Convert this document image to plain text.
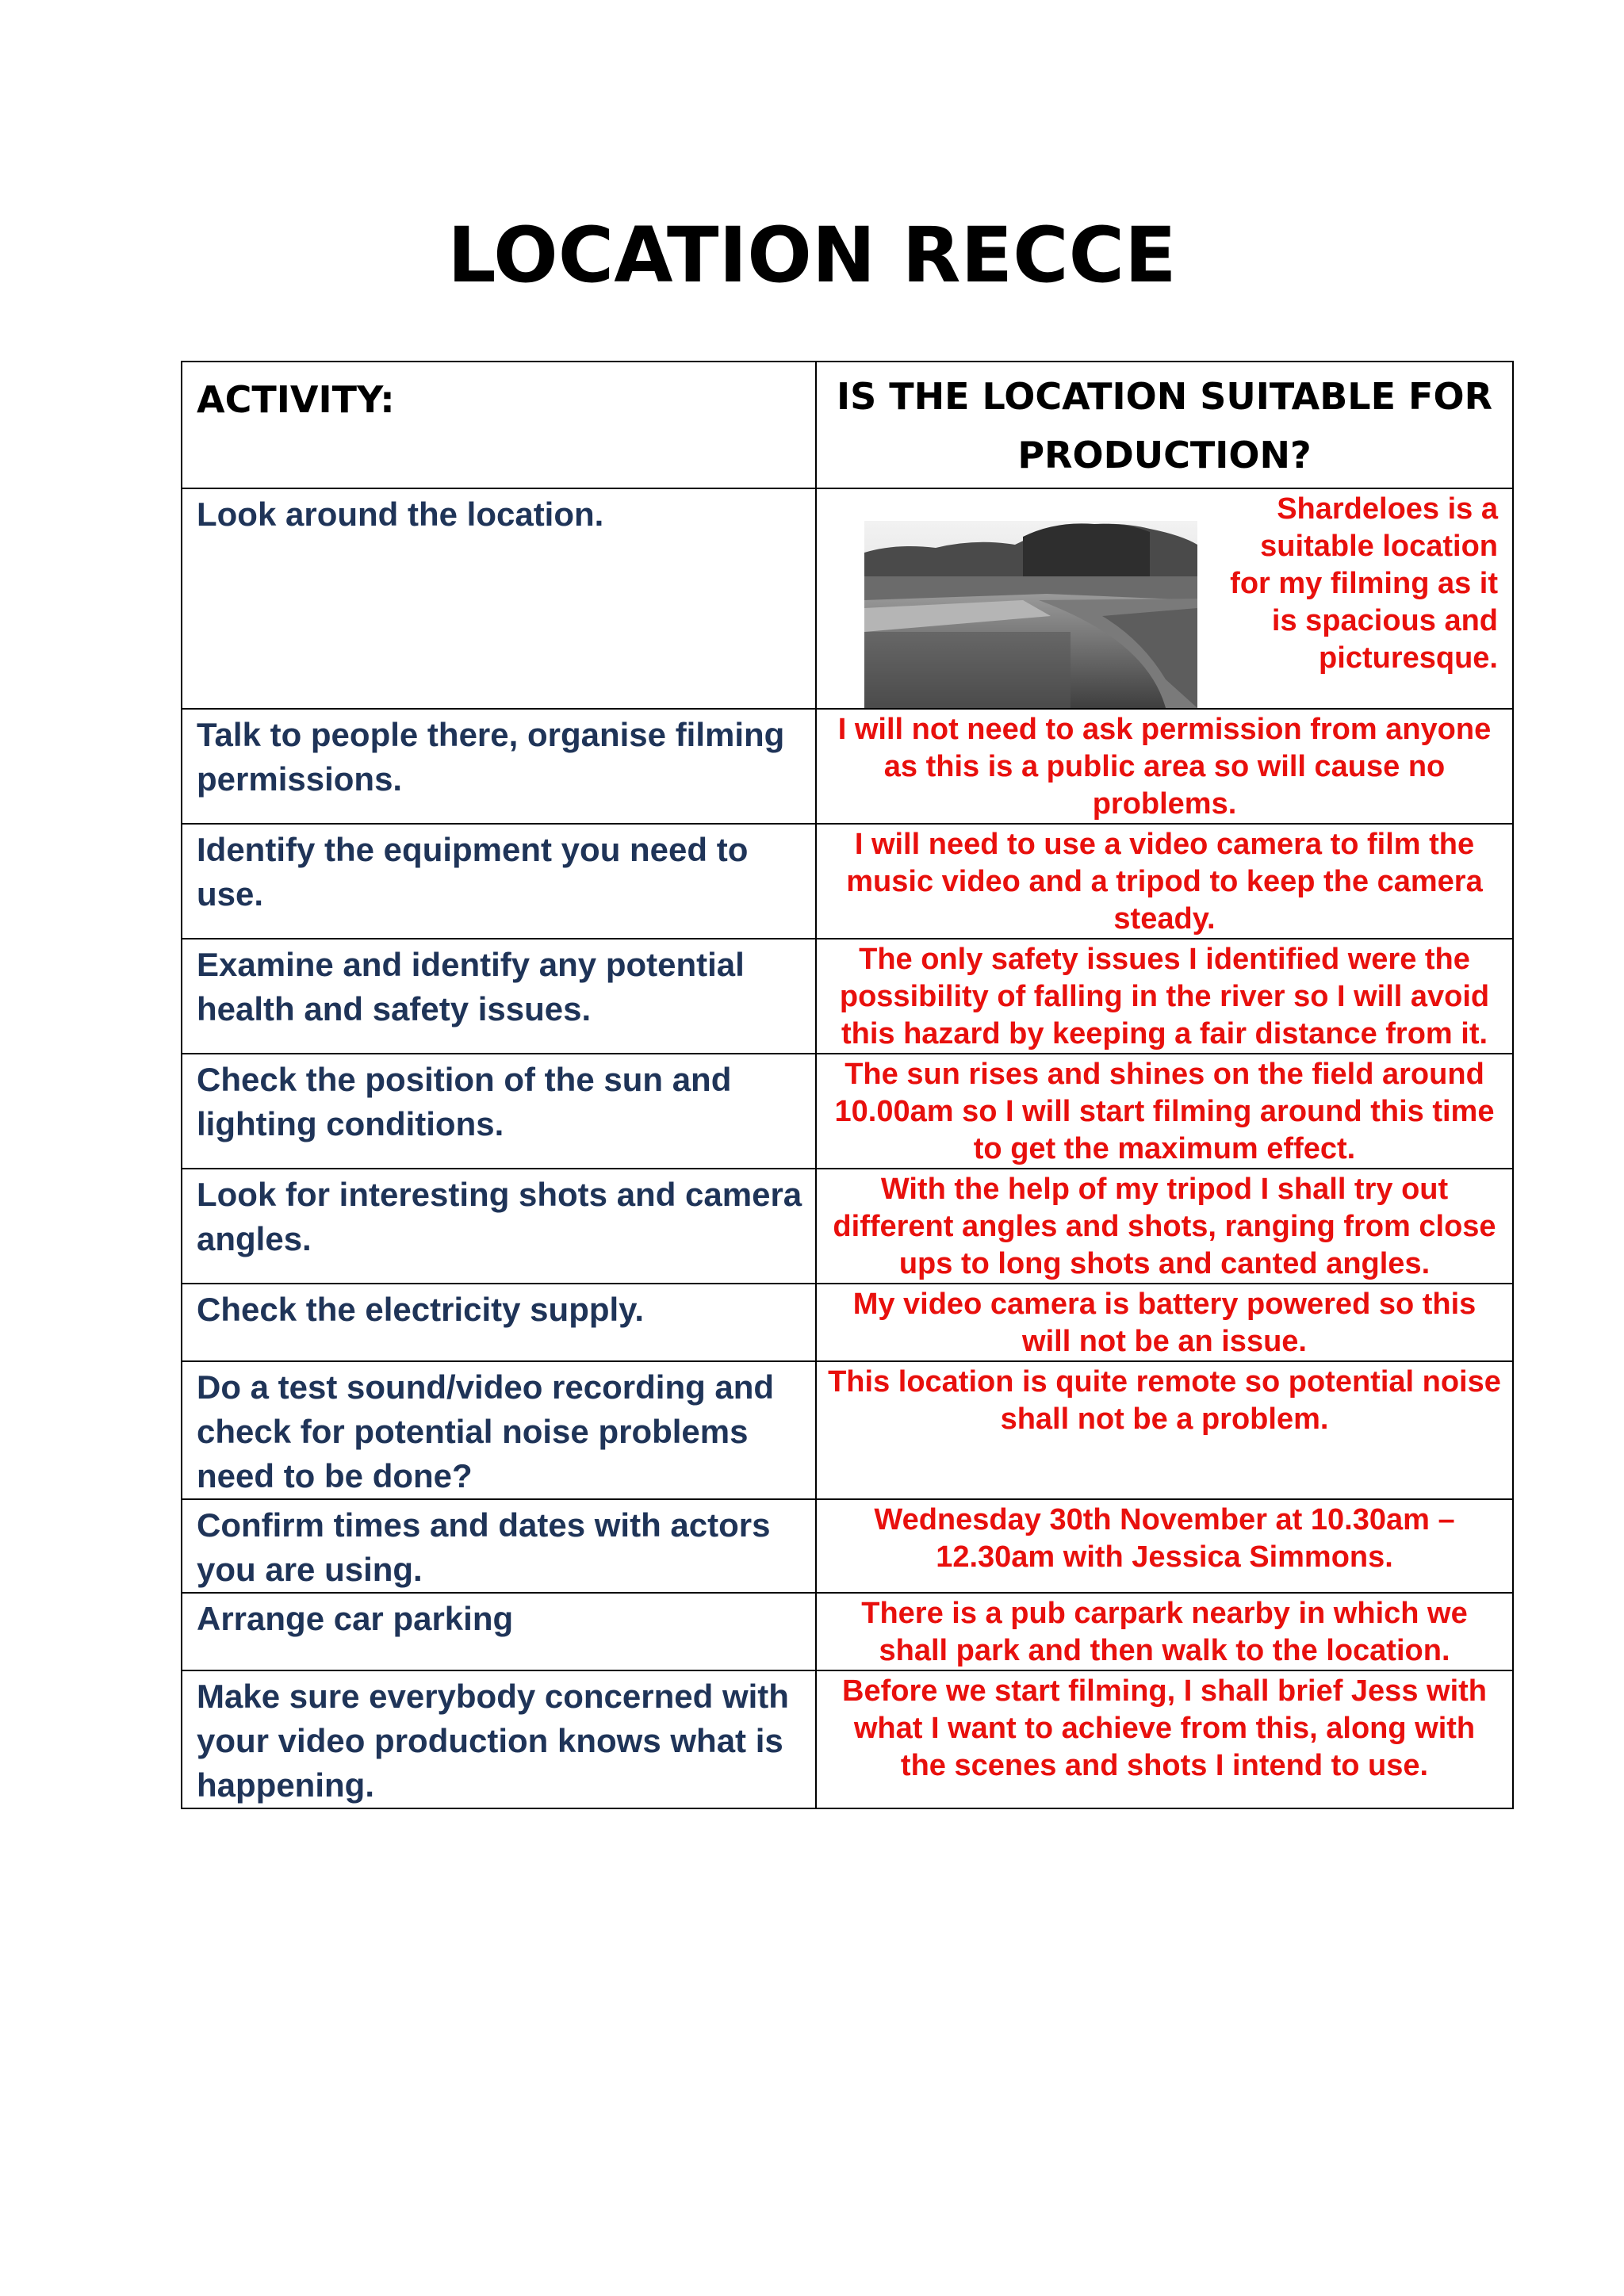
LOCATION RECCE
ACTIVITY:	IS THE LOCATION SUITABLE FOR PRODUCTION?
Look around the location.	Shardeloes is a suitable location for my filming as it is spacious and picturesque.

Talk to people there, organise filming permissions.	I will not need to ask permission from anyone as this is a public area so will cause no problems.
Identify the equipment you need to use.	I will need to use a video camera to film the music video and a tripod to keep the camera steady.
Examine and identify any potential health and safety issues.	The only safety issues I identified were the possibility of falling in the river so I will avoid this hazard by keeping a fair distance from it.
Check the position of the sun and lighting conditions.	The sun rises and shines on the field around 10.00am so I will start filming around this time to get the maximum effect.
Look for interesting shots and camera angles.	With the help of my tripod I shall try out different angles and shots, ranging from close ups to long shots and canted angles.
Check the electricity supply.	My video camera is battery powered so this will not be an issue.
Do a test sound/video recording and check for potential noise problems need to be done?	This location is quite remote so potential noise shall not be a problem.
Confirm times and dates with actors you are using.	Wednesday 30th November at 10.30am – 12.30am with Jessica Simmons.
Arrange car parking	There is a pub carpark nearby in which we shall park and then walk to the location.
Make sure everybody concerned with your video production knows what is happening.	Before we start filming, I shall brief Jess with what I want to achieve from this, along with the scenes and shots I intend to use.
